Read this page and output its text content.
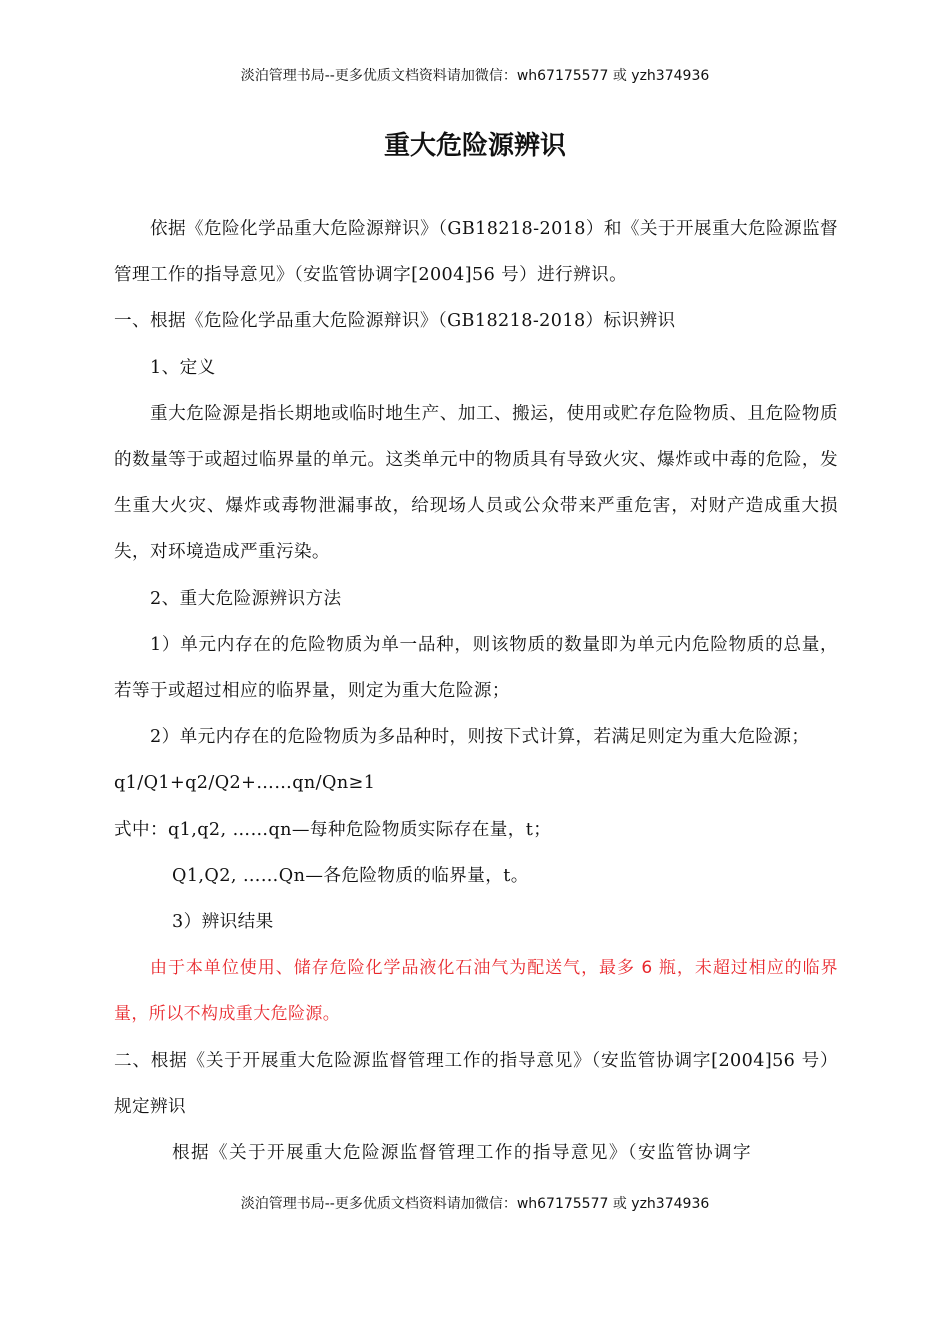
淡泊管理书局--更多优质文档资料请加微信：wh67175577 或 yzh374936
重大危险源辨识

依据《危险化学品重大危险源辩识》（GB18218-2018）和《关于开展重大危险源监督管理工作的指导意见》（安监管协调字[2004]56 号）进行辨识。

一、根据《危险化学品重大危险源辩识》（GB18218-2018）标识辨识

1、定义

重大危险源是指长期地或临时地生产、加工、搬运，使用或贮存危险物质、且危险物质的数量等于或超过临界量的单元。这类单元中的物质具有导致火灾、爆炸或中毒的危险，发生重大火灾、爆炸或毒物泄漏事故，给现场人员或公众带来严重危害，对财产造成重大损失，对环境造成严重污染。

2、重大危险源辨识方法

1）单元内存在的危险物质为单一品种，则该物质的数量即为单元内危险物质的总量，若等于或超过相应的临界量，则定为重大危险源；

2）单元内存在的危险物质为多品种时，则按下式计算，若满足则定为重大危险源；

q1/Q1+q2/Q2+……qn/Qn≥1

式中：q1,q2, ……qn—每种危险物质实际存在量，t；

Q1,Q2, ……Qn—各危险物质的临界量，t。

3）辨识结果

由于本单位使用、储存危险化学品液化石油气为配送气，最多 6 瓶，未超过相应的临界量，所以不构成重大危险源。

二、根据《关于开展重大危险源监督管理工作的指导意见》（安监管协调字[2004]56 号）规定辨识

根据《关于开展重大危险源监督管理工作的指导意见》（安监管协调字

淡泊管理书局--更多优质文档资料请加微信：wh67175577 或 yzh374936
